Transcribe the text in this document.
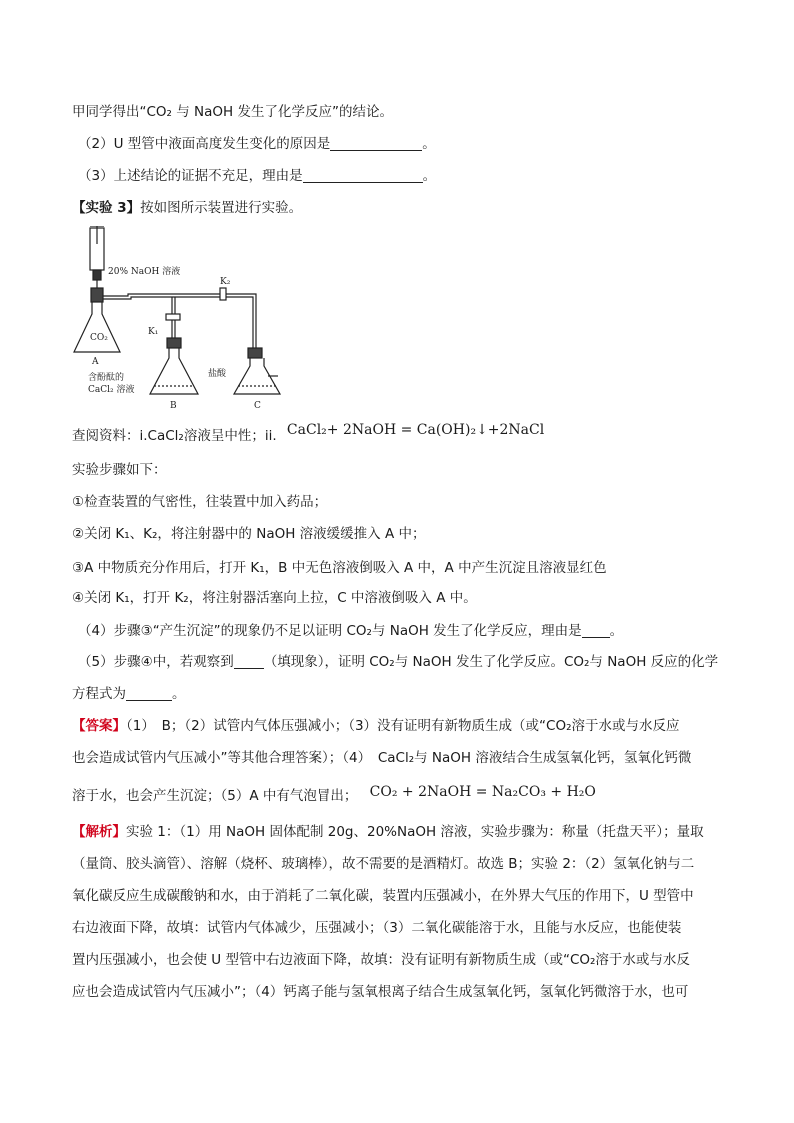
甲同学得出“CO₂ 与 NaOH 发生了化学反应”的结论。
（2）U 型管中液面高度发生变化的原因是	。
（3）上述结论的证据不充足，理由是	。
【实验 3】按如图所示装置进行实验。
20% NaOH 溶液
CO₂
A
K₁
K₂
含酚酞的
CaCl₂ 溶液
B
盐酸
C
查阅资料：i.CaCl₂溶液呈中性；ii. CaCl₂+ 2NaOH = Ca(OH)₂↓+2NaCl
实验步骤如下：
①检查装置的气密性，往装置中加入药品；
②关闭 K₁、K₂，将注射器中的 NaOH 溶液缓缓推入 A 中；
③A 中物质充分作用后，打开 K₁，B 中无色溶液倒吸入 A 中，A 中产生沉淀且溶液显红色
④关闭 K₁，打开 K₂，将注射器活塞向上拉，C 中溶液倒吸入 A 中。
（4）步骤③“产生沉淀”的现象仍不足以证明 CO₂与 NaOH 发生了化学反应，理由是 。
（5）步骤④中，若观察到 （填现象），证明 CO₂与 NaOH 发生了化学反应。CO₂与 NaOH 反应的化学
方程式为	。
【答案】（1）　B；（2）试管内气体压强减小；（3）没有证明有新物质生成（或“CO₂溶于水或与水反应
也会造成试管内气压减小”等其他合理答案）；（4）　CaCl₂与 NaOH 溶液结合生成氢氧化钙，氢氧化钙微
溶于水，也会产生沉淀；（5）A 中有气泡冒出； CO₂ + 2NaOH = Na₂CO₃ + H₂O
【解析】实验 1：（1）用 NaOH 固体配制 20g、20%NaOH 溶液，实验步骤为：称量（托盘天平）；量取
（量筒、胶头滴管）、溶解（烧杯、玻璃棒），故不需要的是酒精灯。故选 B；实验 2：（2）氢氧化钠与二
氧化碳反应生成碳酸钠和水，由于消耗了二氧化碳，装置内压强减小，在外界大气压的作用下，U 型管中
右边液面下降，故填：试管内气体减少，压强减小；（3）二氧化碳能溶于水，且能与水反应，也能使装
置内压强减小，也会使 U 型管中右边液面下降，故填：没有证明有新物质生成（或“CO₂溶于水或与水反
应也会造成试管内气压减小”；（4）钙离子能与氢氧根离子结合生成氢氧化钙，氢氧化钙微溶于水，也可
